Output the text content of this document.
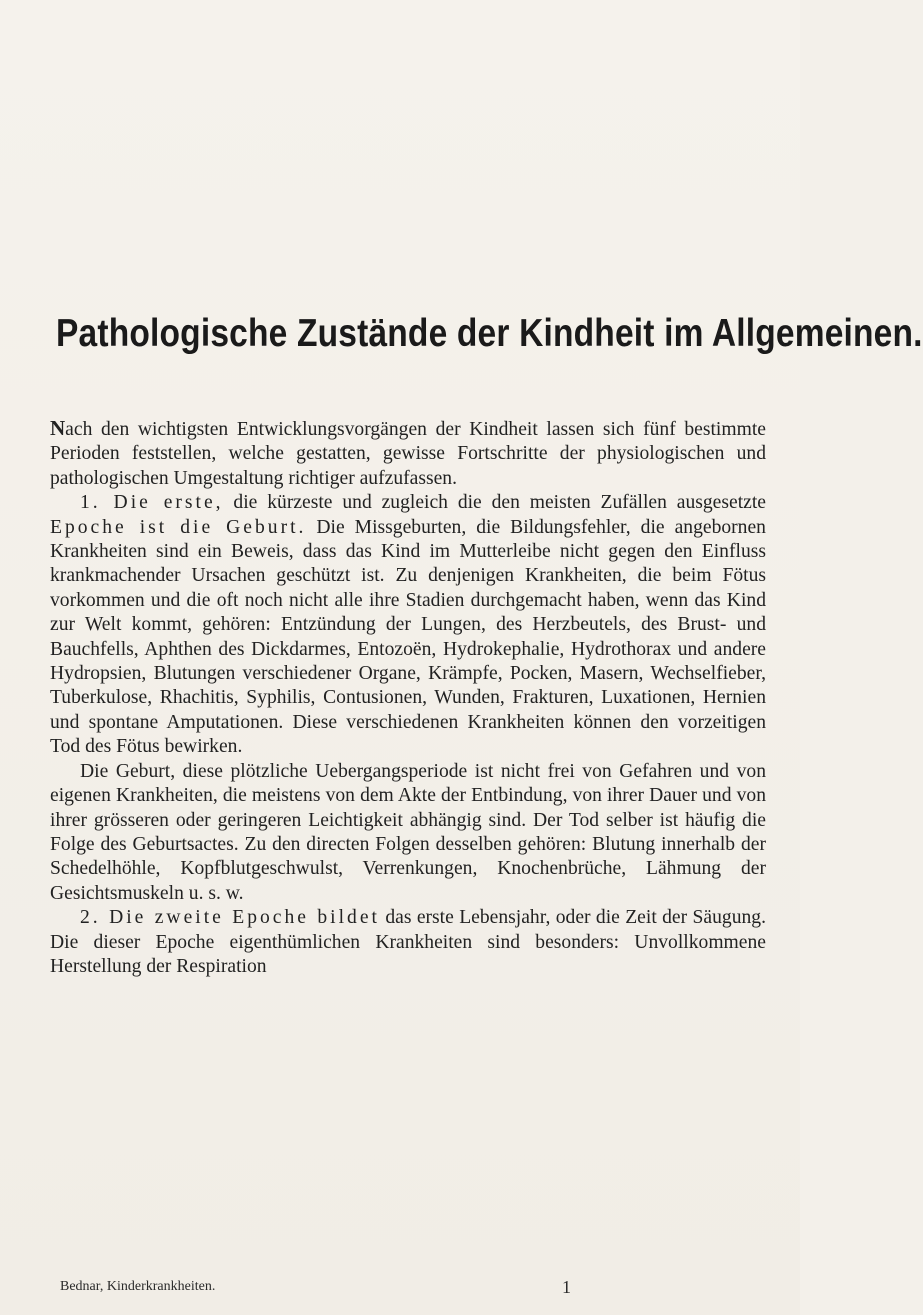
Pathologische Zustände der Kindheit im Allgemeinen.

Nach den wichtigsten Entwicklungsvorgängen der Kindheit lassen sich fünf bestimmte Perioden feststellen, welche gestatten, gewisse Fortschritte der physiologischen und pathologischen Umgestaltung richtiger aufzufassen.

1. Die erste, die kürzeste und zugleich die den meisten Zufällen ausgesetzte Epoche ist die Geburt. Die Missgeburten, die Bildungsfehler, die angebornen Krankheiten sind ein Beweis, dass das Kind im Mutterleibe nicht gegen den Einfluss krankmachender Ursachen geschützt ist. Zu denjenigen Krankheiten, die beim Fötus vorkommen und die oft noch nicht alle ihre Stadien durchgemacht haben, wenn das Kind zur Welt kommt, gehören: Entzündung der Lungen, des Herzbeutels, des Brust- und Bauchfells, Aphthen des Dickdarmes, Entozoën, Hydrokephalie, Hydrothorax und andere Hydropsien, Blutungen verschiedener Organe, Krämpfe, Pocken, Masern, Wechselfieber, Tuberkulose, Rhachitis, Syphilis, Contusionen, Wunden, Frakturen, Luxationen, Hernien und spontane Amputationen. Diese verschiedenen Krankheiten können den vorzeitigen Tod des Fötus bewirken.

Die Geburt, diese plötzliche Uebergangsperiode ist nicht frei von Gefahren und von eigenen Krankheiten, die meistens von dem Akte der Entbindung, von ihrer Dauer und von ihrer grösseren oder geringeren Leichtigkeit abhängig sind. Der Tod selber ist häufig die Folge des Geburtsactes. Zu den directen Folgen desselben gehören: Blutung innerhalb der Schedelhöhle, Kopfblutgeschwulst, Verrenkungen, Knochenbrüche, Lähmung der Gesichtsmuskeln u. s. w.

2. Die zweite Epoche bildet das erste Lebensjahr, oder die Zeit der Säugung. Die dieser Epoche eigenthümlichen Krankheiten sind besonders: Unvollkommene Herstellung der Respiration

Bednar, Kinderkrankheiten.	1
